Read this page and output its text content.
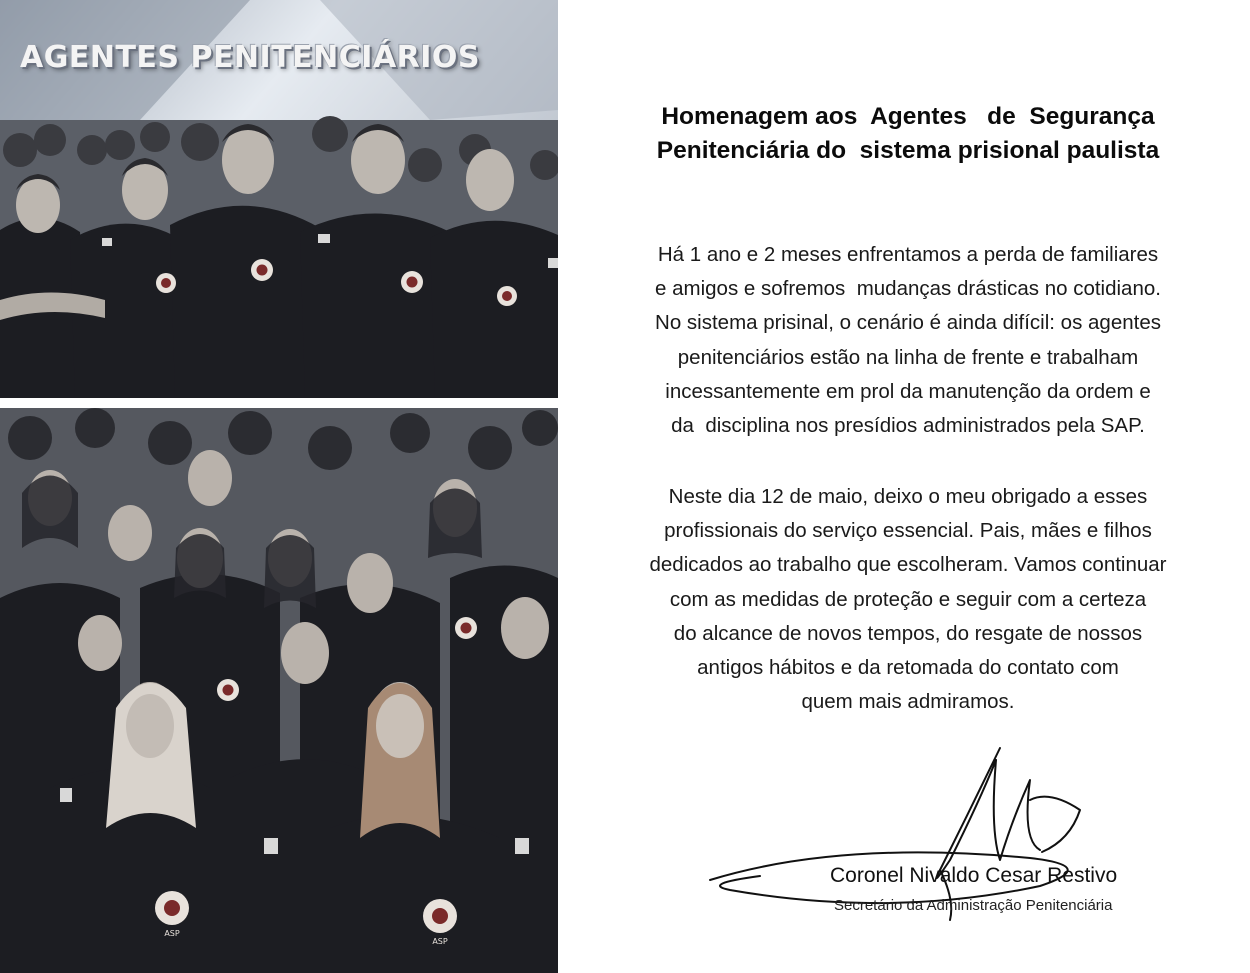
AGENTES PENITENCIÁRIOS
ASP
ASP
Homenagem aos  Agentes   de  Segurança
Penitenciária do  sistema prisional paulista
Há 1 ano e 2 meses enfrentamos a perda de familiares
e amigos e sofremos  mudanças drásticas no cotidiano.
No sistema prisinal, o cenário é ainda difícil: os agentes
penitenciários estão na linha de frente e trabalham
incessantemente em prol da manutenção da ordem e
da  disciplina nos presídios administrados pela SAP.
Neste dia 12 de maio, deixo o meu obrigado a esses
profissionais do serviço essencial. Pais, mães e filhos
dedicados ao trabalho que escolheram. Vamos continuar
com as medidas de proteção e seguir com a certeza
do alcance de novos tempos, do resgate de nossos
antigos hábitos e da retomada do contato com
quem mais admiramos.
Coronel Nivaldo Cesar Restivo
Secretário da Administração Penitenciária
